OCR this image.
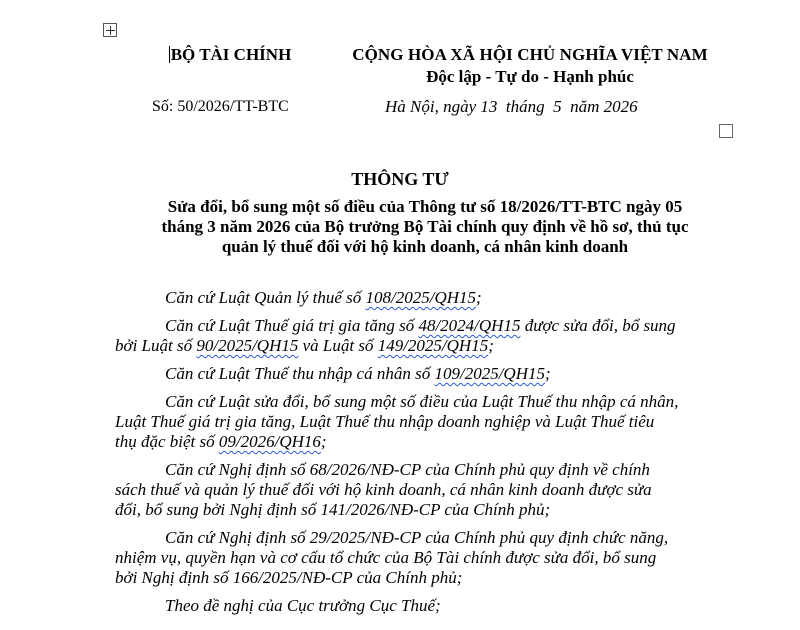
BỘ TÀI CHÍNH
Số: 50/2026/TT-BTC
CỘNG HÒA XÃ HỘI CHỦ NGHĨA VIỆT NAM
Độc lập - Tự do - Hạnh phúc
Hà Nội, ngày 13  tháng  5  năm 2026
THÔNG TƯ
Sửa đổi, bổ sung một số điều của Thông tư số 18/2026/TT-BTC ngày 05
tháng 3 năm 2026 của Bộ trưởng Bộ Tài chính quy định về hồ sơ, thủ tục
quản lý thuế đối với hộ kinh doanh, cá nhân kinh doanh
Căn cứ Luật Quản lý thuế số 108/2025/QH15;
Căn cứ Luật Thuế giá trị gia tăng số 48/2024/QH15 được sửa đổi, bổ sung
bởi Luật số 90/2025/QH15 và Luật số 149/2025/QH15;
Căn cứ Luật Thuế thu nhập cá nhân số 109/2025/QH15;
Căn cứ Luật sửa đổi, bổ sung một số điều của Luật Thuế thu nhập cá nhân,
Luật Thuế giá trị gia tăng, Luật Thuế thu nhập doanh nghiệp và Luật Thuế tiêu
thụ đặc biệt số 09/2026/QH16;
Căn cứ Nghị định số 68/2026/NĐ-CP của Chính phủ quy định về chính
sách thuế và quản lý thuế đối với hộ kinh doanh, cá nhân kinh doanh được sửa
đổi, bổ sung bởi Nghị định số 141/2026/NĐ-CP của Chính phủ;
Căn cứ Nghị định số 29/2025/NĐ-CP của Chính phủ quy định chức năng,
nhiệm vụ, quyền hạn và cơ cấu tổ chức của Bộ Tài chính được sửa đổi, bổ sung
bởi Nghị định số 166/2025/NĐ-CP của Chính phủ;
Theo đề nghị của Cục trưởng Cục Thuế;
